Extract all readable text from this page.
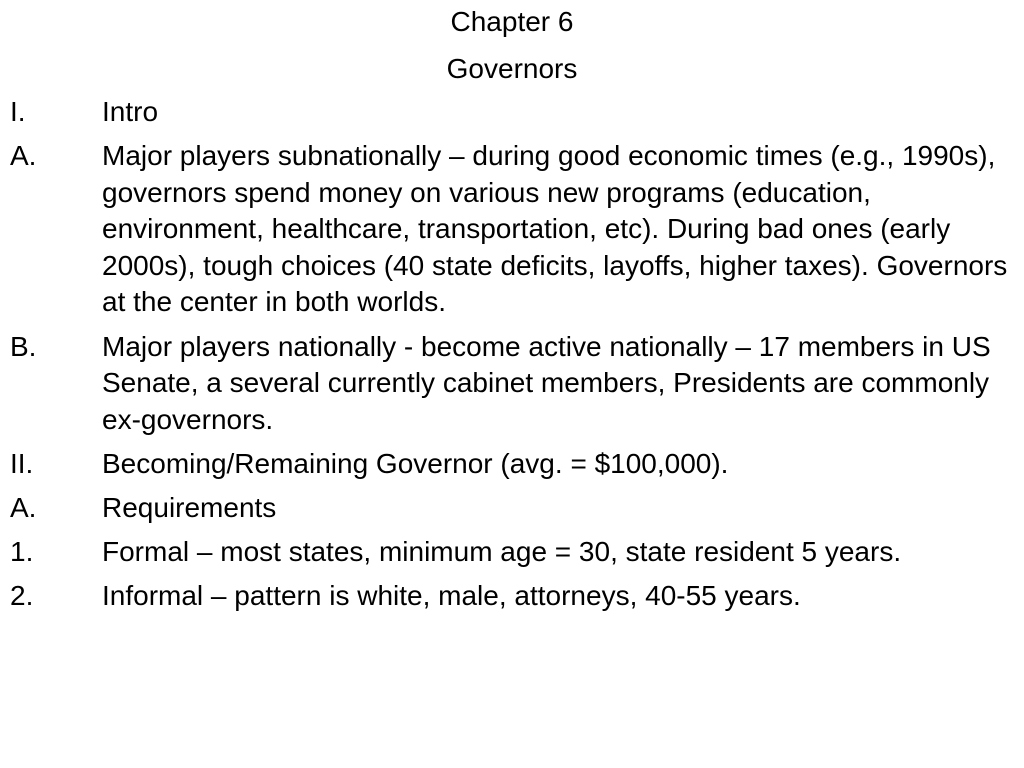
Chapter 6
Governors
I.	Intro
A.	Major players subnationally – during good economic times (e.g., 1990s), governors spend money on various new programs (education, environment, healthcare, transportation, etc). During bad ones (early 2000s), tough choices (40 state deficits, layoffs, higher taxes). Governors at the center in both worlds.
B.	Major players nationally - become active nationally – 17 members in US Senate, a several currently cabinet members, Presidents are commonly ex-governors.
II.	Becoming/Remaining Governor (avg. = $100,000).
A.	Requirements
1.	Formal – most states, minimum age = 30, state resident 5 years.
2.	Informal – pattern is white, male, attorneys, 40-55 years.
